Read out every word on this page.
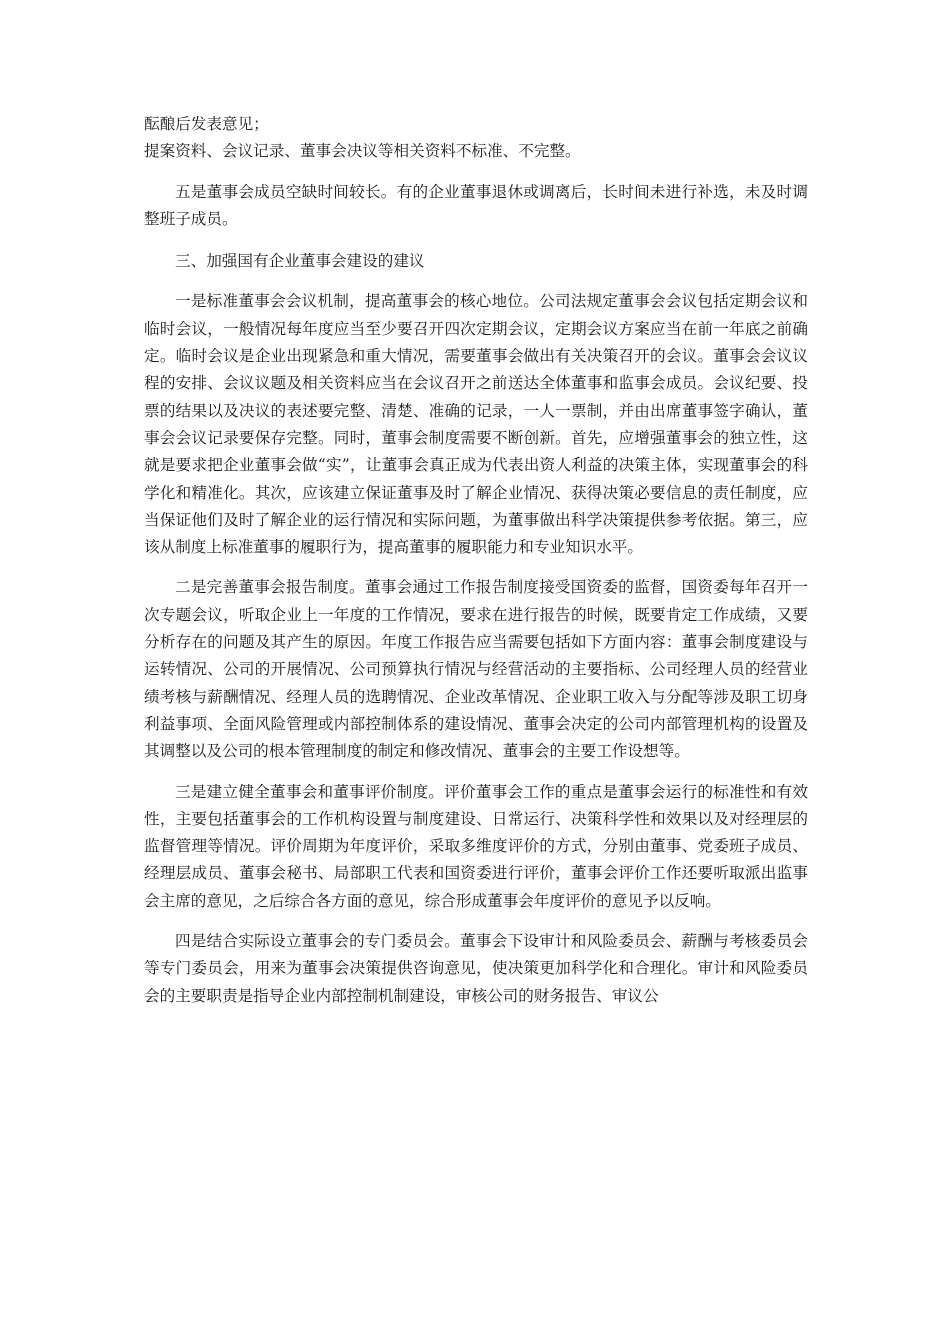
酝酿后发表意见；

提案资料、会议记录、董事会决议等相关资料不标准、不完整。

五是董事会成员空缺时间较长。有的企业董事退休或调离后，长时间未进行补选，未及时调整班子成员。

三、加强国有企业董事会建设的建议

一是标准董事会会议机制，提高董事会的核心地位。公司法规定董事会会议包括定期会议和临时会议，一般情况每年度应当至少要召开四次定期会议，定期会议方案应当在前一年底之前确定。临时会议是企业出现紧急和重大情况，需要董事会做出有关决策召开的会议。董事会会议议程的安排、会议议题及相关资料应当在会议召开之前送达全体董事和监事会成员。会议纪要、投票的结果以及决议的表述要完整、清楚、准确的记录，一人一票制，并由出席董事签字确认，董事会会议记录要保存完整。同时，董事会制度需要不断创新。首先，应增强董事会的独立性，这就是要求把企业董事会做“实”，让董事会真正成为代表出资人利益的决策主体，实现董事会的科学化和精准化。其次，应该建立保证董事及时了解企业情况、获得决策必要信息的责任制度，应当保证他们及时了解企业的运行情况和实际问题，为董事做出科学决策提供参考依据。第三，应该从制度上标准董事的履职行为，提高董事的履职能力和专业知识水平。

二是完善董事会报告制度。董事会通过工作报告制度接受国资委的监督，国资委每年召开一次专题会议，听取企业上一年度的工作情况，要求在进行报告的时候，既要肯定工作成绩，又要分析存在的问题及其产生的原因。年度工作报告应当需要包括如下方面内容：董事会制度建设与运转情况、公司的开展情况、公司预算执行情况与经营活动的主要指标、公司经理人员的经营业绩考核与薪酬情况、经理人员的选聘情况、企业改革情况、企业职工收入与分配等涉及职工切身利益事项、全面风险管理或内部控制体系的建设情况、董事会决定的公司内部管理机构的设置及其调整以及公司的根本管理制度的制定和修改情况、董事会的主要工作设想等。

三是建立健全董事会和董事评价制度。评价董事会工作的重点是董事会运行的标准性和有效性，主要包括董事会的工作机构设置与制度建设、日常运行、决策科学性和效果以及对经理层的监督管理等情况。评价周期为年度评价，采取多维度评价的方式，分别由董事、党委班子成员、经理层成员、董事会秘书、局部职工代表和国资委进行评价，董事会评价工作还要听取派出监事会主席的意见，之后综合各方面的意见，综合形成董事会年度评价的意见予以反响。

四是结合实际设立董事会的专门委员会。董事会下设审计和风险委员会、薪酬与考核委员会等专门委员会，用来为董事会决策提供咨询意见，使决策更加科学化和合理化。审计和风险委员会的主要职责是指导企业内部控制机制建设，审核公司的财务报告、审议公
